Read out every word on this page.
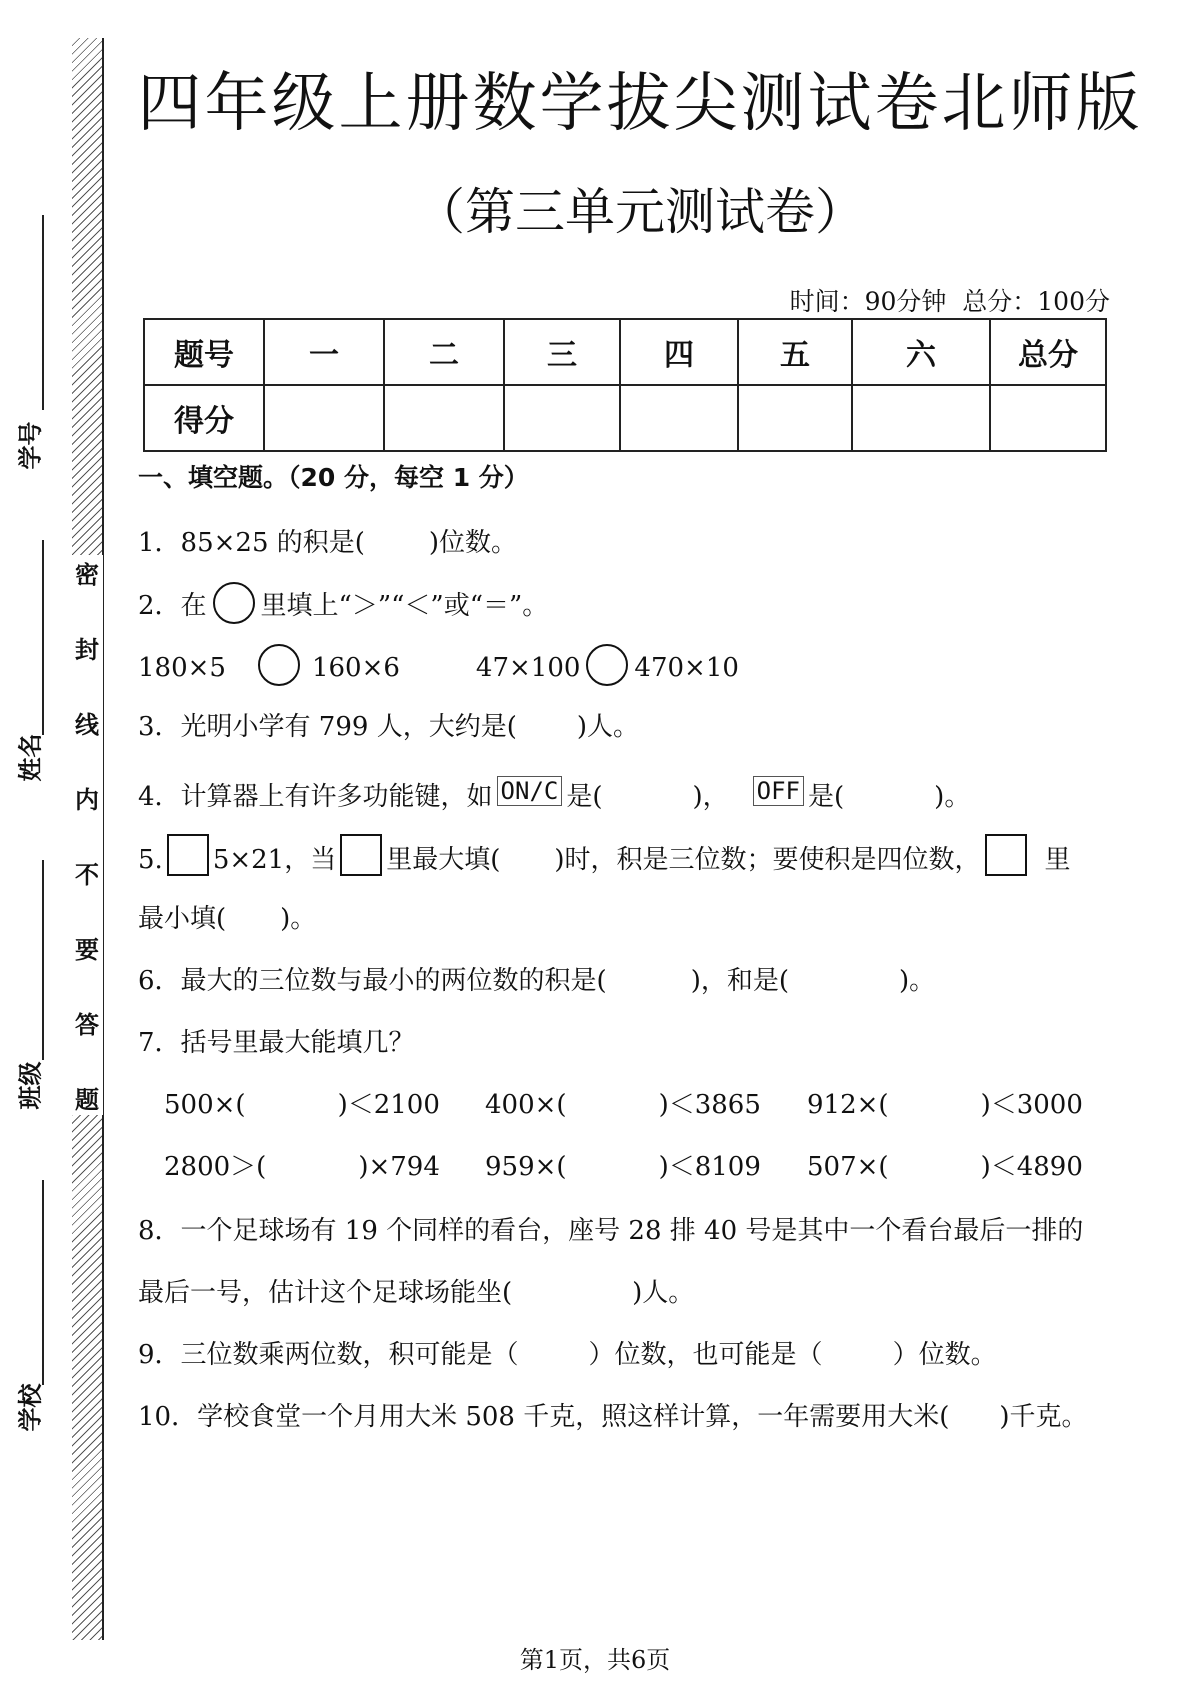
密
封
线
内
不
要
答
题
学号
姓名
班级
学校
四年级上册数学拔尖测试卷北师版
（第三单元测试卷）
时间：90分钟 总分：100分
题号	一	二	三	四	五	六	总分
得分							
一、填空题。（20 分，每空 1 分）
1．85×25 的积是( )位数。
2．在 里填上“＞”“＜”或“＝”。
180×5	160×6	47×100 470×10
3．光明小学有 799 人，大约是( )人。
4．计算器上有许多功能键，如 ON/C 是(	)， OFF 是(	)。
5. 5×21，当 里最大填( )时，积是三位数；要使积是四位数， 里
最小填( )。
6．最大的三位数与最小的两位数的积是(	)，和是(	)。
7．括号里最大能填几？
500×(	)＜2100 400×(	)＜3865 912×(	)＜3000
2800＞(	)×794 959×(	)＜8109 507×(	)＜4890
8．一个足球场有 19 个同样的看台，座号 28 排 40 号是其中一个看台最后一排的
最后一号，估计这个足球场能坐(	)人。
9．三位数乘两位数，积可能是（	）位数，也可能是（	）位数。
10．学校食堂一个月用大米 508 千克，照这样计算，一年需要用大米( )千克。
第1页，共6页
